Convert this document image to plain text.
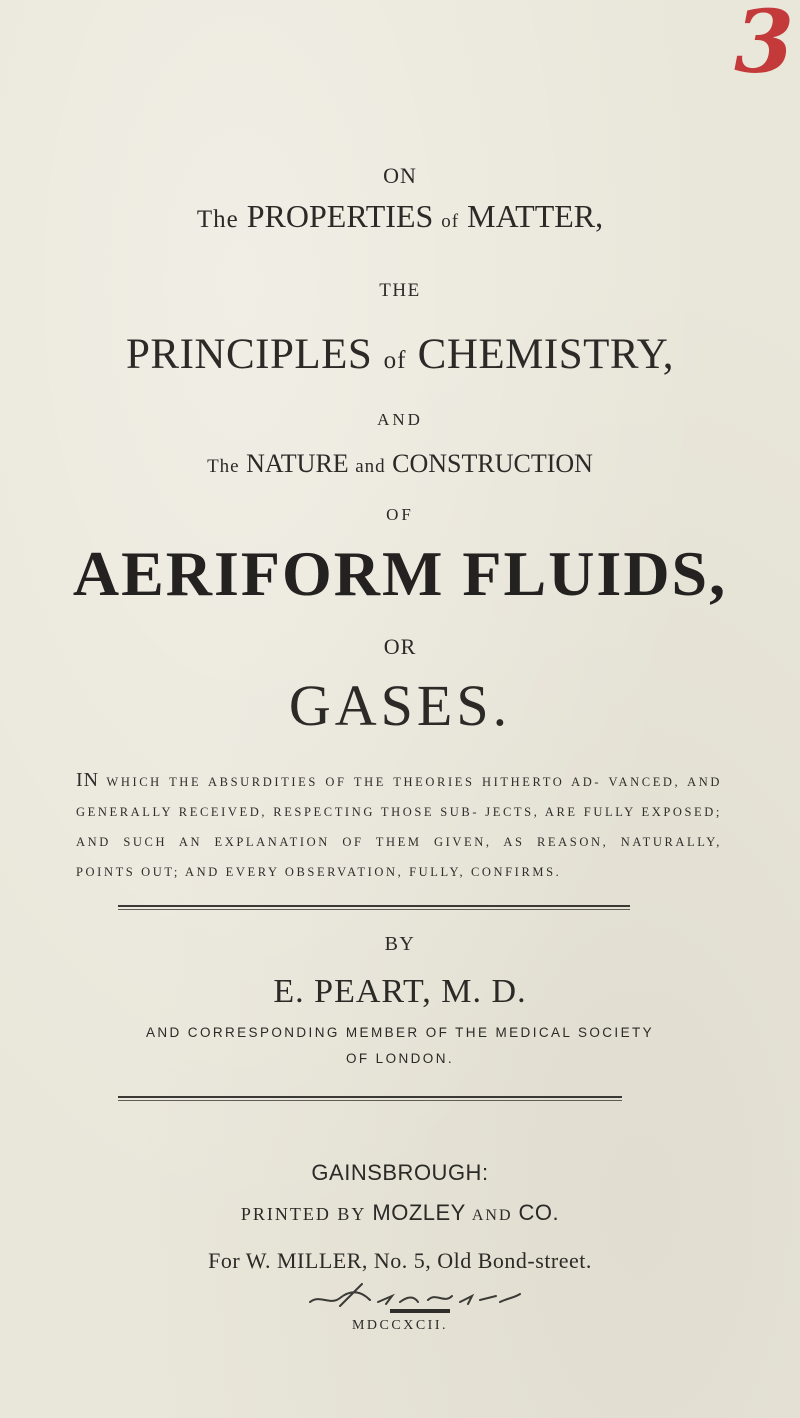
3
ON
The PROPERTIES of MATTER,
THE
PRINCIPLES of CHEMISTRY,
AND
The NATURE and CONSTRUCTION
OF
AERIFORM FLUIDS,
OR
GASES.
IN WHICH THE ABSURDITIES OF THE THEORIES HITHERTO AD- VANCED, AND GENERALLY RECEIVED, RESPECTING THOSE SUB- JECTS, ARE FULLY EXPOSED; AND SUCH AN EXPLANATION OF THEM GIVEN, AS REASON, NATURALLY, POINTS OUT; AND EVERY OBSERVATION, FULLY, CONFIRMS.
BY
E. PEART, M. D.
AND CORRESPONDING MEMBER OF THE MEDICAL SOCIETY
OF LONDON.
GAINSBROUGH:
PRINTED BY MOZLEY AND CO.
For W. MILLER, No. 5, Old Bond-street.
MDCCXCII.
